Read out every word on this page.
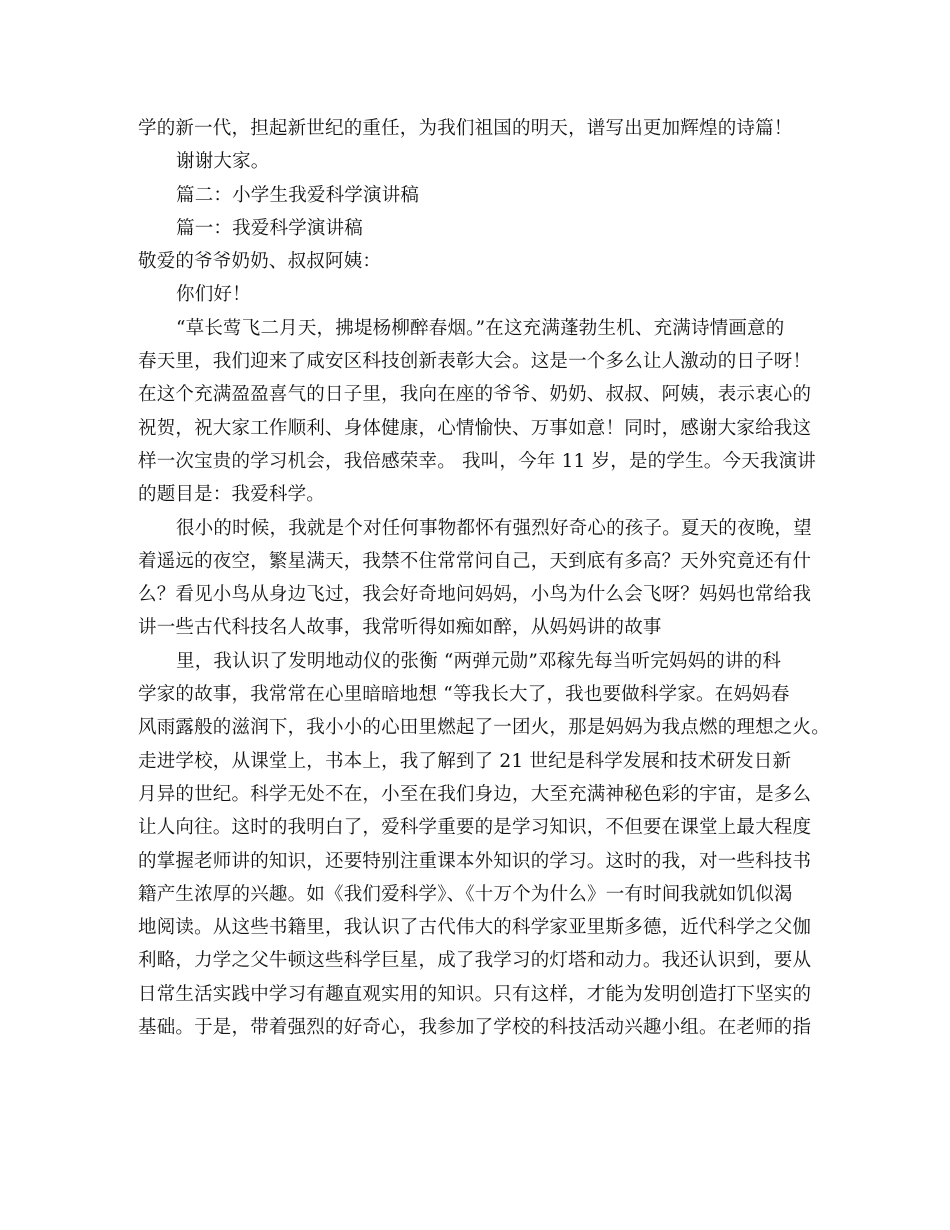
学的新一代，担起新世纪的重任，为我们祖国的明天，谱写出更加辉煌的诗篇！
谢谢大家。
篇二：小学生我爱科学演讲稿
篇一：我爱科学演讲稿
敬爱的爷爷奶奶、叔叔阿姨：
你们好！
“草长莺飞二月天，拂堤杨柳醉春烟。”在这充满蓬勃生机、充满诗情画意的
春天里，我们迎来了咸安区科技创新表彰大会。这是一个多么让人激动的日子呀！
在这个充满盈盈喜气的日子里，我向在座的爷爷、奶奶、叔叔、阿姨，表示衷心的
祝贺，祝大家工作顺利、身体健康，心情愉快、万事如意！同时，感谢大家给我这
样一次宝贵的学习机会，我倍感荣幸。 我叫，今年 11 岁，是的学生。今天我演讲
的题目是：我爱科学。
很小的时候，我就是个对任何事物都怀有强烈好奇心的孩子。夏天的夜晚，望
着遥远的夜空，繁星满天，我禁不住常常问自己，天到底有多高？天外究竟还有什
么？看见小鸟从身边飞过，我会好奇地问妈妈，小鸟为什么会飞呀？妈妈也常给我
讲一些古代科技名人故事，我常听得如痴如醉，从妈妈讲的故事
里，我认识了发明地动仪的张衡 “两弹元勋”邓稼先每当听完妈妈的讲的科
学家的故事，我常常在心里暗暗地想 “等我长大了，我也要做科学家。在妈妈春
风雨露般的滋润下，我小小的心田里燃起了一团火，那是妈妈为我点燃的理想之火。
走进学校，从课堂上，书本上，我了解到了 21 世纪是科学发展和技术研发日新
月异的世纪。科学无处不在，小至在我们身边，大至充满神秘色彩的宇宙，是多么
让人向往。这时的我明白了，爱科学重要的是学习知识，不但要在课堂上最大程度
的掌握老师讲的知识，还要特别注重课本外知识的学习。这时的我，对一些科技书
籍产生浓厚的兴趣。如《我们爱科学》、《十万个为什么》一有时间我就如饥似渴
地阅读。从这些书籍里，我认识了古代伟大的科学家亚里斯多德，近代科学之父伽
利略，力学之父牛顿这些科学巨星，成了我学习的灯塔和动力。我还认识到，要从
日常生活实践中学习有趣直观实用的知识。只有这样，才能为发明创造打下坚实的
基础。于是，带着强烈的好奇心，我参加了学校的科技活动兴趣小组。在老师的指
